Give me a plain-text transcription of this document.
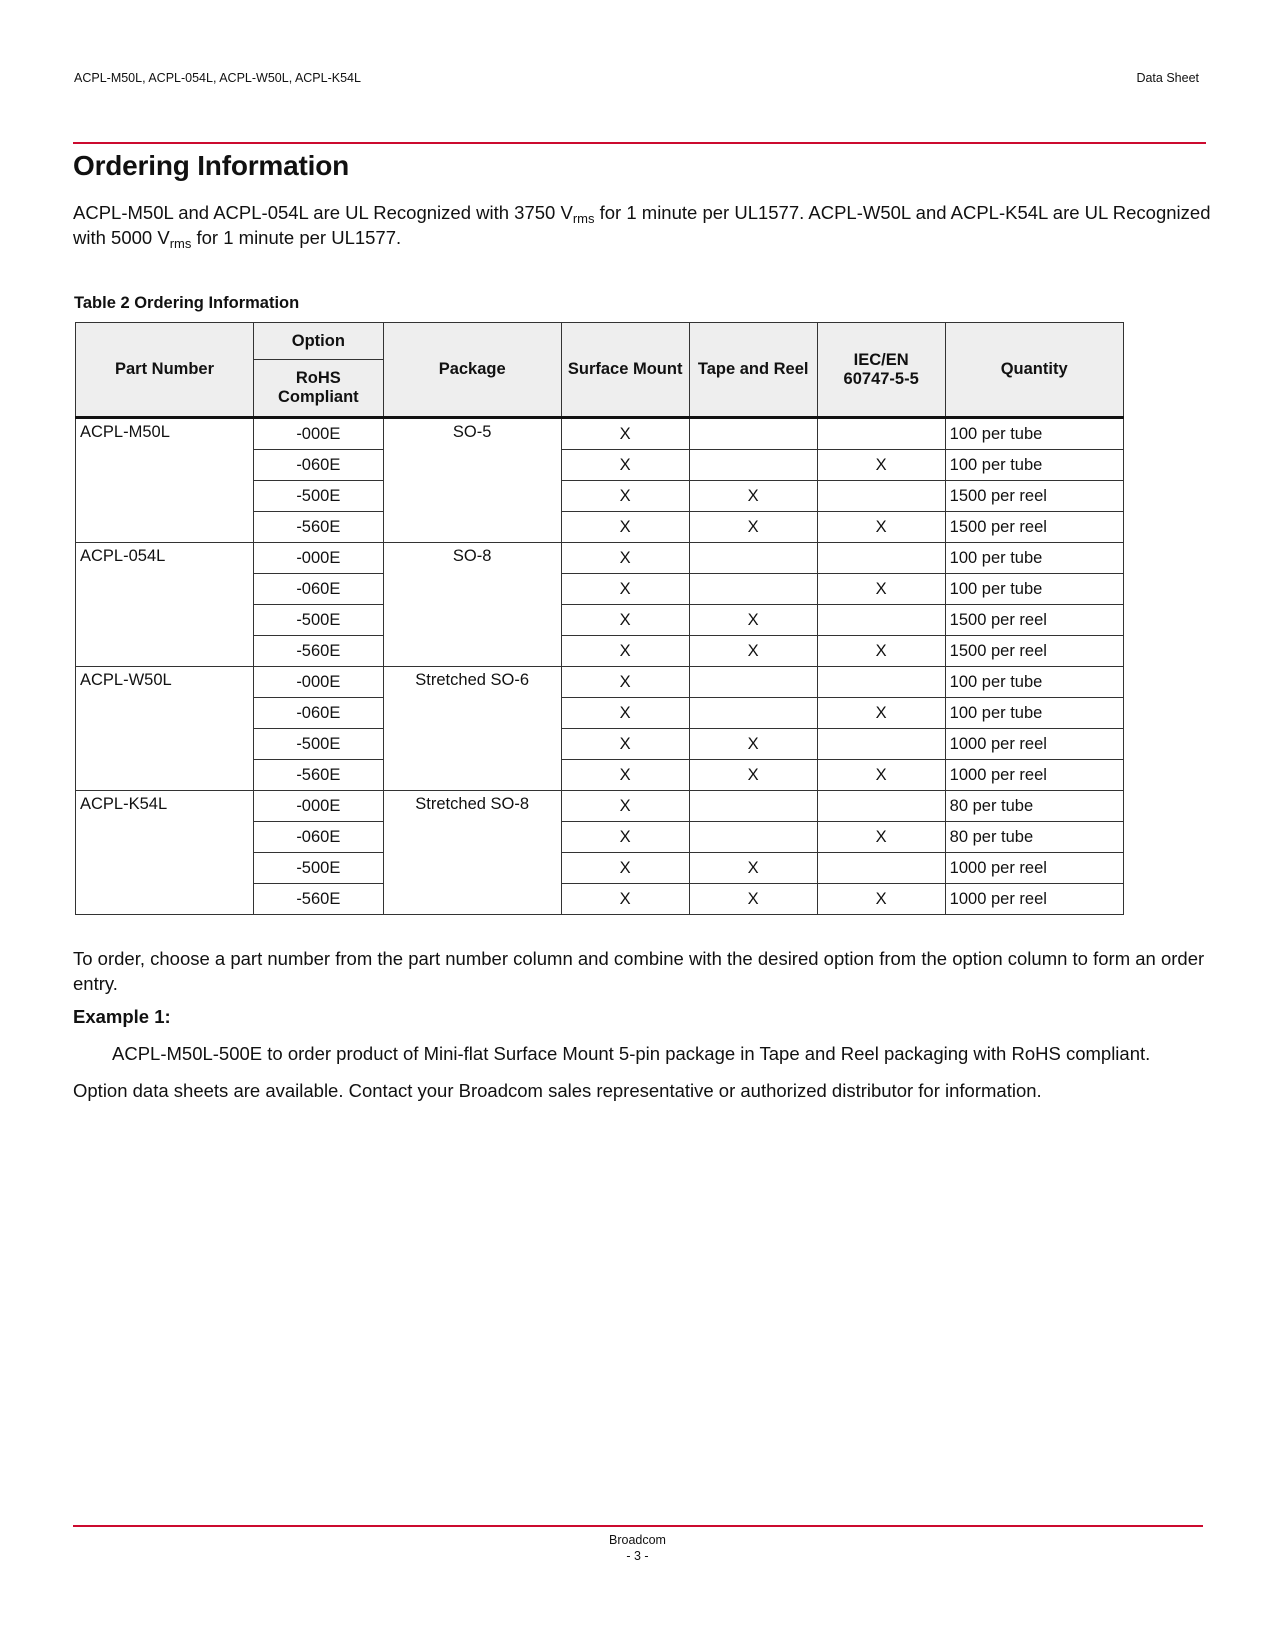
ACPL-M50L, ACPL-054L, ACPL-W50L, ACPL-K54L	Data Sheet
Ordering Information

ACPL-M50L and ACPL-054L are UL Recognized with 3750 $V_{rms}$ for 1 minute per UL1577. ACPL-W50L and ACPL-K54L are UL Recognized with 5000 $V_{rms}$ for 1 minute per UL1577.

Table 2 Ordering Information
Part Number	Option	Package	Surface Mount	Tape and Reel	IEC/EN 60747-5-5	Quantity
	RoHS Compliant					
ACPL-M50L	-000E	SO-5	X			100 per tube
	-060E		X		X	100 per tube
	-500E		X	X		1500 per reel
	-560E		X	X	X	1500 per reel
ACPL-054L	-000E	SO-8	X			100 per tube
	-060E		X		X	100 per tube
	-500E		X	X		1500 per reel
	-560E		X	X	X	1500 per reel
ACPL-W50L	-000E	Stretched SO-6	X			100 per tube
	-060E		X		X	100 per tube
	-500E		X	X		1000 per reel
	-560E		X	X	X	1000 per reel
ACPL-K54L	-000E	Stretched SO-8	X			80 per tube
	-060E		X		X	80 per tube
	-500E		X	X		1000 per reel
	-560E		X	X	X	1000 per reel

To order, choose a part number from the part number column and combine with the desired option from the option column to form an order entry.

Example 1:
ACPL-M50L-500E to order product of Mini-flat Surface Mount 5-pin package in Tape and Reel packaging with RoHS compliant.
Option data sheets are available. Contact your Broadcom sales representative or authorized distributor for information.
Broadcom
- 3 -
